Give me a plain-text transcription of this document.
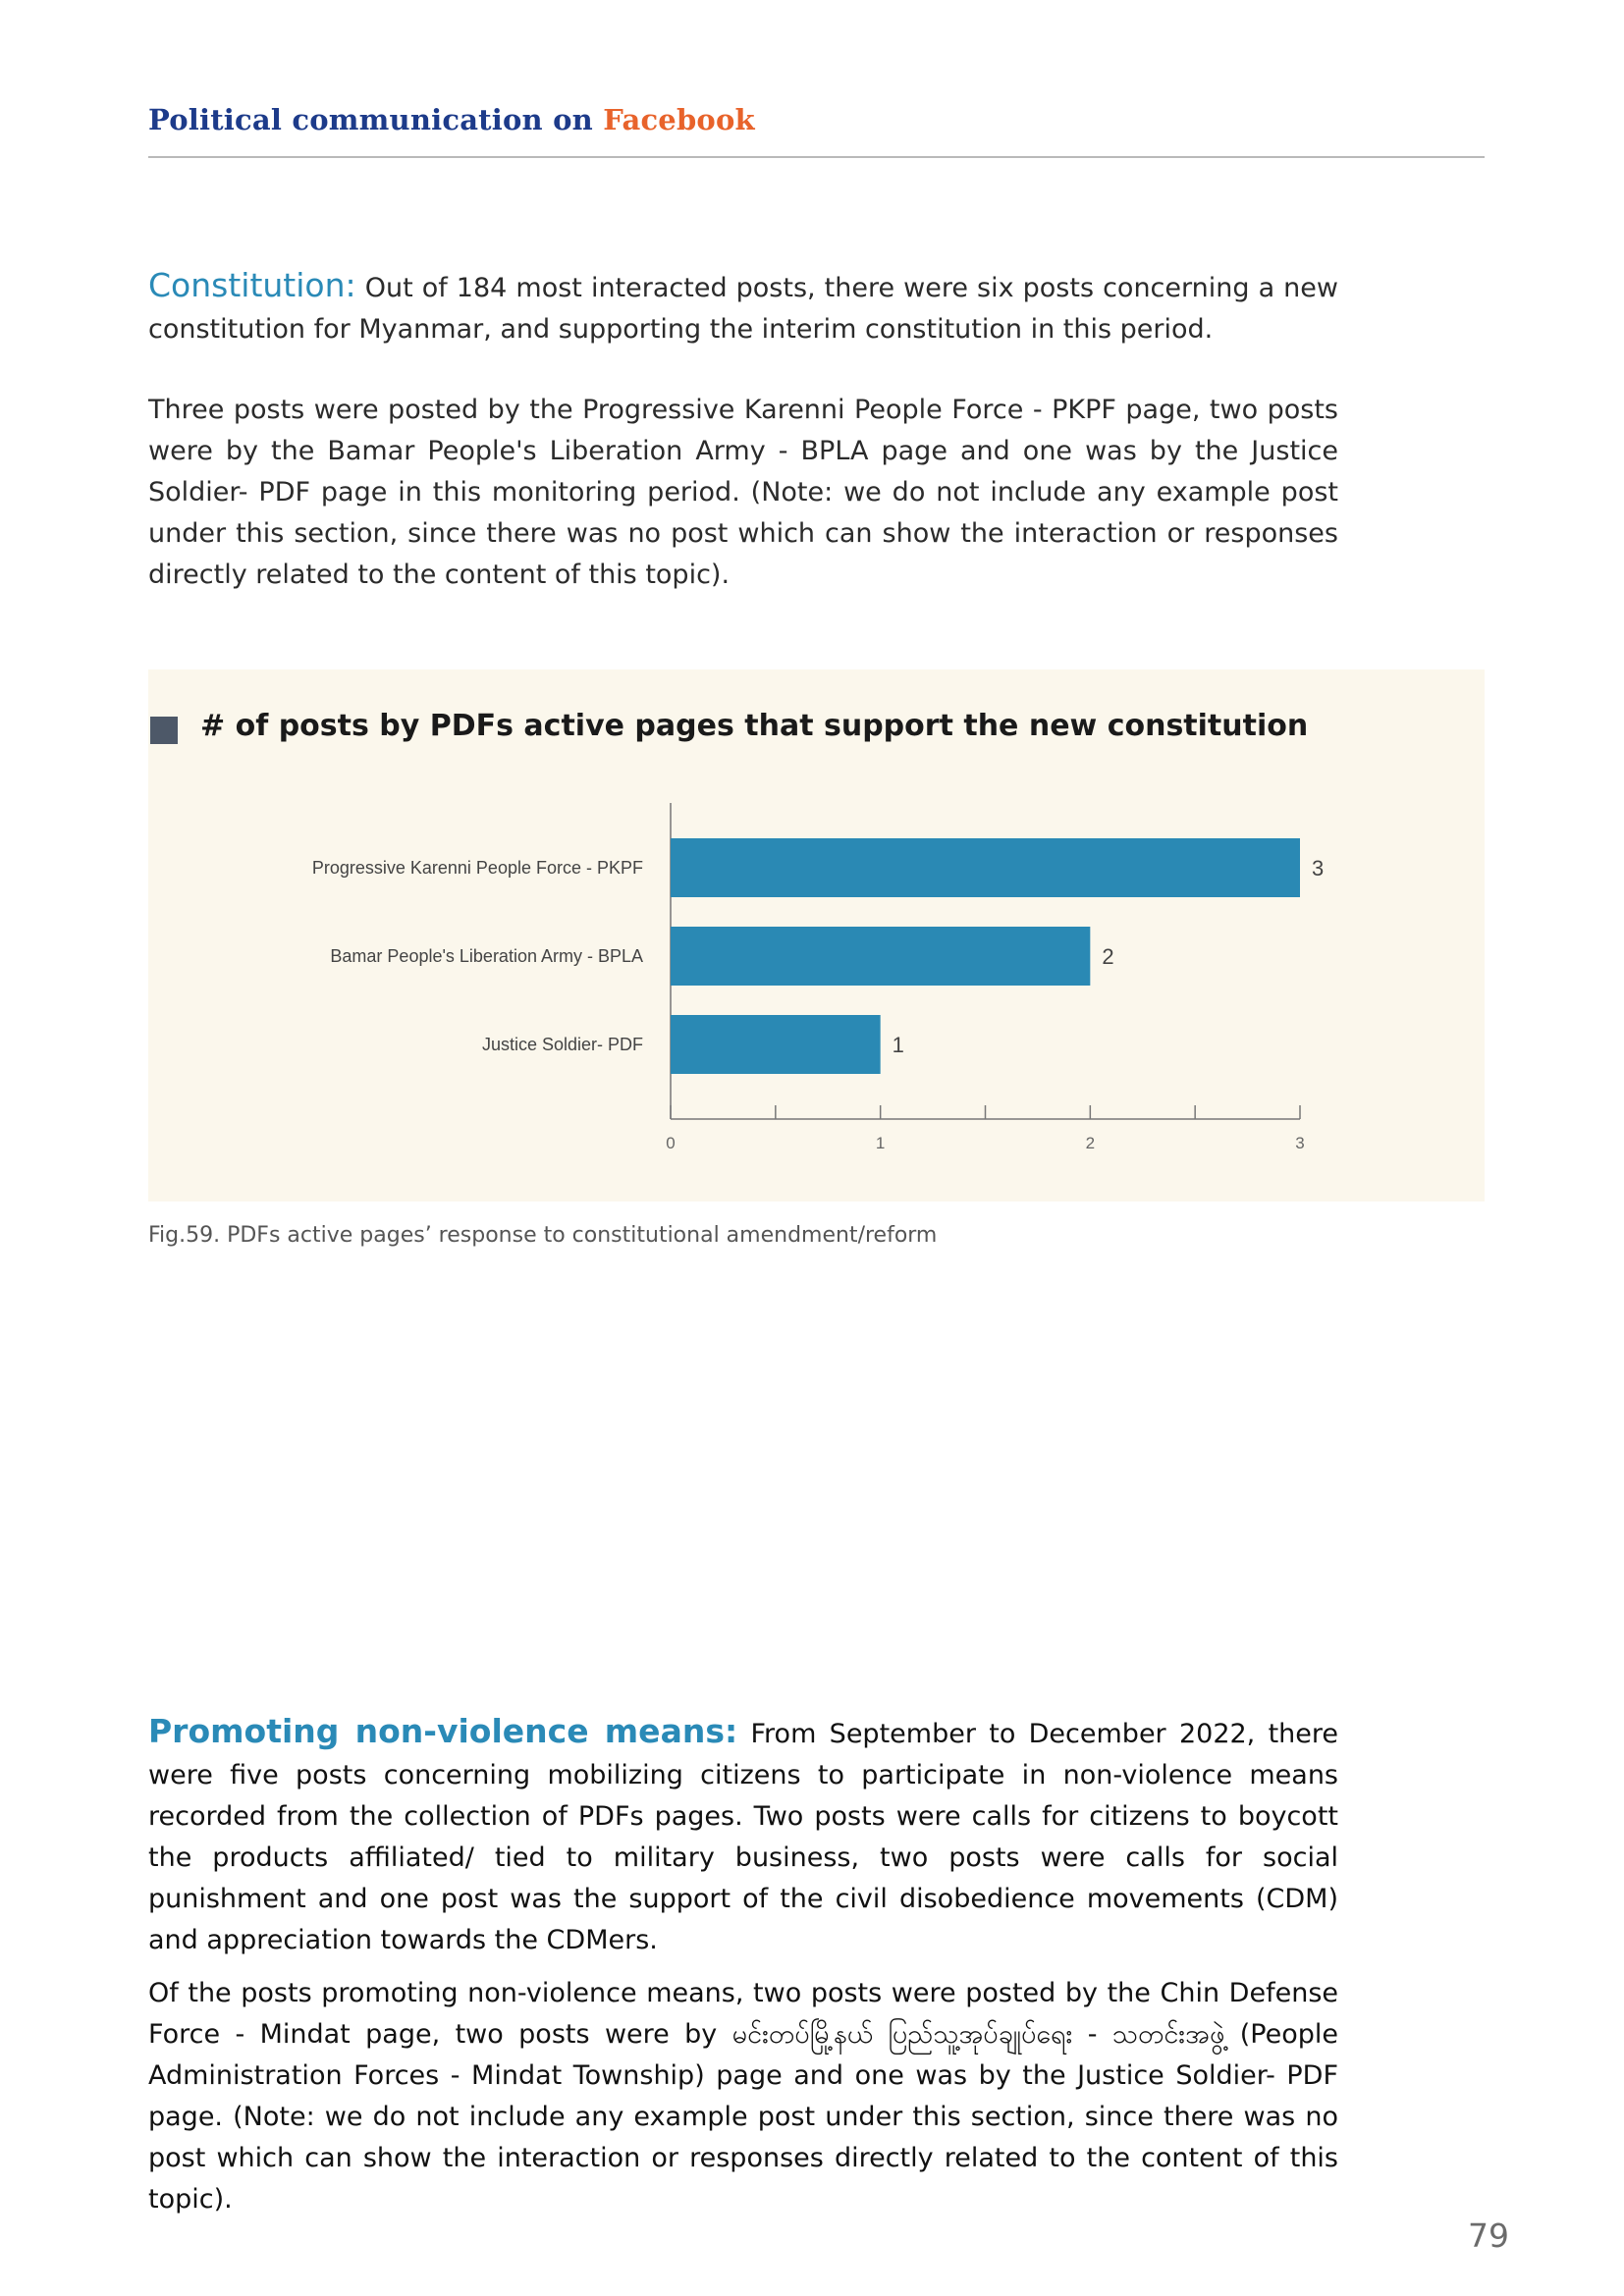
Political communication on Facebook

Constitution: Out of 184 most interacted posts, there were six posts concerning a new constitution for Myanmar, and supporting the interim constitution in this period.

Three posts were posted by the Progressive Karenni People Force - PKPF page, two posts were by the Bamar People's Liberation Army - BPLA page and one was by the Justice Soldier- PDF page in this monitoring period. (Note: we do not include any example post under this section, since there was no post which can show the interaction or responses directly related to the content of this topic).

# of posts by PDFs active pages that support the new constitution
0	1	2	3
Progressive Karenni People Force - PKPF	3
Bamar People's Liberation Army - BPLA	2
Justice Soldier- PDF	1
Fig.59. PDFs active pages’ response to constitutional amendment/reform

Promoting non-violence means: From September to December 2022, there were five posts concerning mobilizing citizens to participate in non-violence means recorded from the collection of PDFs pages. Two posts were calls for citizens to boycott the products affiliated/ tied to military business, two posts were calls for social punishment and one post was the support of the civil disobedience movements (CDM) and appreciation towards the CDMers.

Of the posts promoting non-violence means, two posts were posted by the Chin Defense Force - Mindat page, two posts were by မင်းတပ်မြို့နယ် ပြည်သူ့အုပ်ချုပ်ရေး - သတင်းအဖွဲ့ (People Administration Forces - Mindat Township) page and one was by the Justice Soldier- PDF page. (Note: we do not include any example post under this section, since there was no post which can show the interaction or responses directly related to the content of this topic).

79
